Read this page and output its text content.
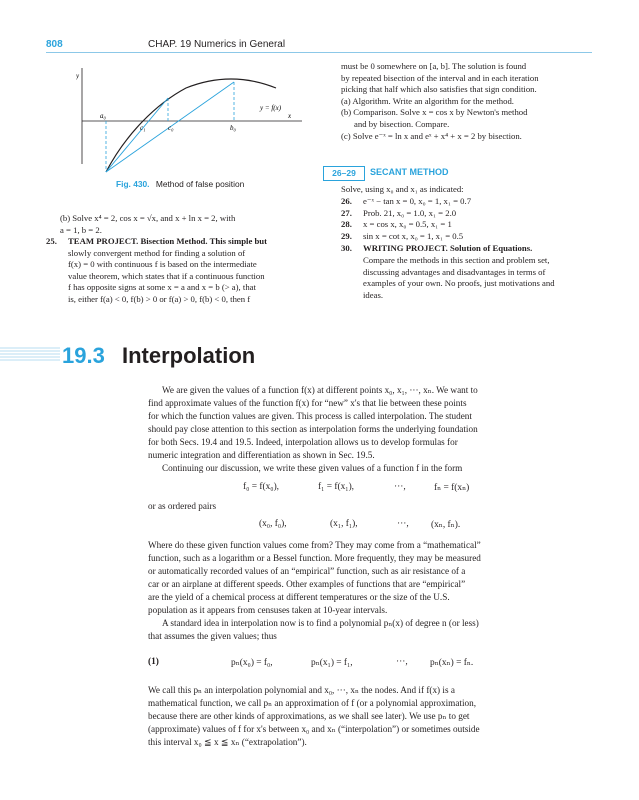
808	CHAP. 19 Numerics in General
y
a₀
c₁	c₀	b₀
y = f(x)
x
Fig. 430. Method of false position
(b) Solve x⁴ = 2, cos x = √x, and x + ln x = 2, with
a = 1, b = 2.
25. TEAM PROJECT. Bisection Method. This simple but
slowly convergent method for finding a solution of
f(x) = 0 with continuous f is based on the intermediate
value theorem, which states that if a continuous function
f has opposite signs at some x = a and x = b (> a), that
is, either f(a) < 0, f(b) > 0 or f(a) > 0, f(b) < 0, then f
must be 0 somewhere on [a, b]. The solution is found
by repeated bisection of the interval and in each iteration
picking that half which also satisfies that sign condition.
(a) Algorithm. Write an algorithm for the method.
(b) Comparison. Solve x = cos x by Newton's method
and by bisection. Compare.
(c) Solve e⁻ˣ = ln x and eˣ + x⁴ + x = 2 by bisection.
26–29	SECANT METHOD
Solve, using x₀ and x₁ as indicated:
26. e⁻ˣ − tan x = 0, x₀ = 1, x₁ = 0.7
27. Prob. 21, x₀ = 1.0, x₁ = 2.0
28. x = cos x, x₀ = 0.5, x₁ = 1
29. sin x = cot x, x₀ = 1, x₁ = 0.5
30.	WRITING PROJECT. Solution of Equations.
Compare the methods in this section and problem set,
discussing advantages and disadvantages in terms of
examples of your own. No proofs, just motivations and
ideas.
19.3 Interpolation
We are given the values of a function f(x) at different points x₀, x₁, ···, xₙ. We want to
find approximate values of the function f(x) for “new” x's that lie between these points
for which the function values are given. This process is called interpolation. The student
should pay close attention to this section as interpolation forms the underlying foundation
for both Secs. 19.4 and 19.5. Indeed, interpolation allows us to develop formulas for
numeric integration and differentiation as shown in Sec. 19.5.
Continuing our discussion, we write these given values of a function f in the form
f₀ = f(x₀),	f₁ = f(x₁),	···,	fₙ = f(xₙ)
or as ordered pairs
(x₀, f₀),	(x₁, f₁),	···, (xₙ, fₙ).
Where do these given function values come from? They may come from a “mathematical”
function, such as a logarithm or a Bessel function. More frequently, they may be measured
or automatically recorded values of an “empirical” function, such as air resistance of a
car or an airplane at different speeds. Other examples of functions that are “empirical”
are the yield of a chemical process at different temperatures or the size of the U.S.
population as it appears from censuses taken at 10-year intervals.
A standard idea in interpolation now is to find a polynomial pₙ(x) of degree n (or less)
that assumes the given values; thus
(1)	pₙ(x₀) = f₀,	pₙ(x₁) = f₁,	···, pₙ(xₙ) = fₙ.
We call this pₙ an interpolation polynomial and x₀, ···, xₙ the nodes. And if f(x) is a
mathematical function, we call pₙ an approximation of f (or a polynomial approximation,
because there are other kinds of approximations, as we shall see later). We use pₙ to get
(approximate) values of f for x's between x₀ and xₙ (“interpolation”) or sometimes outside
this interval x₀ ≦ x ≦ xₙ (“extrapolation”).
